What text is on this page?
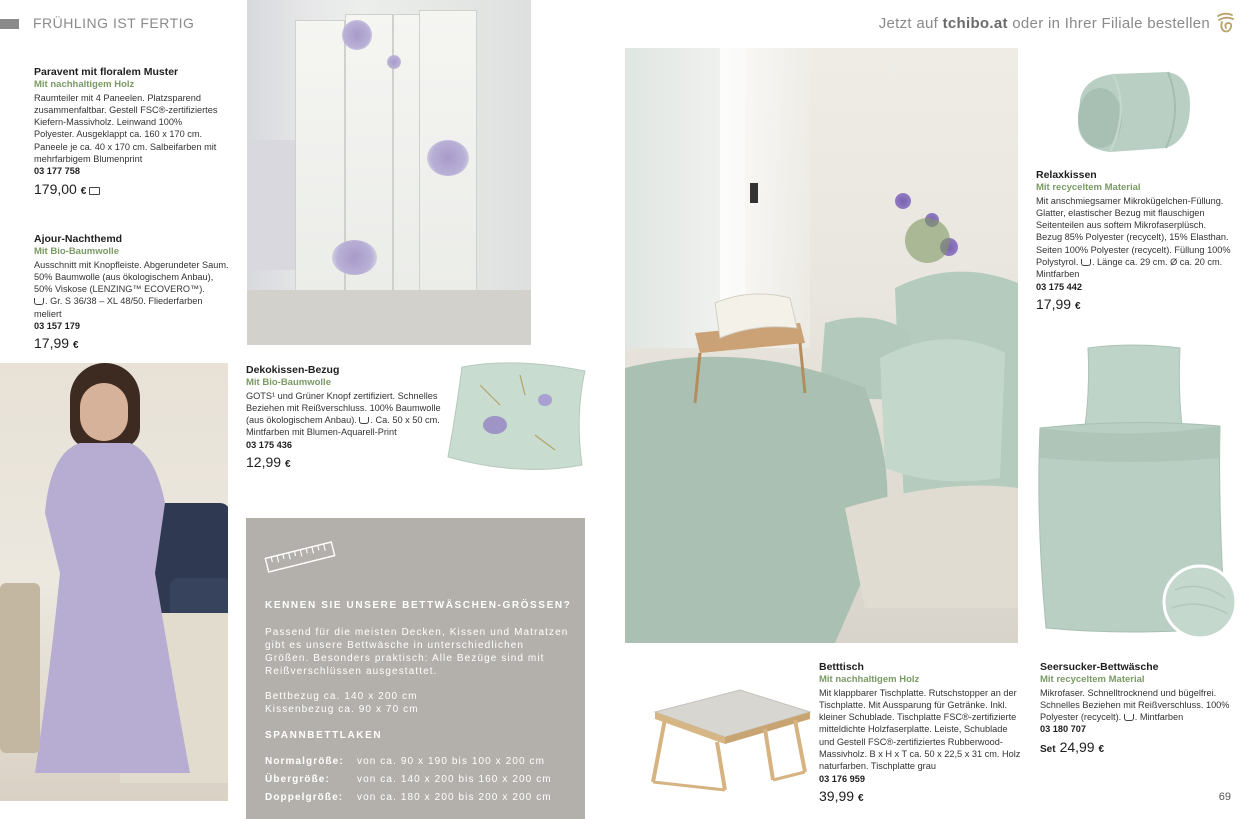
FRÜHLING IST FERTIG	Jetzt auf tchibo.at oder in Ihrer Filiale bestellen
Paravent mit floralem Muster
Mit nachhaltigem Holz
Raumteiler mit 4 Paneelen. Platzsparend zusammenfaltbar. Gestell FSC®-zertifiziertes Kiefern-Massivholz. Leinwand 100% Polyester. Ausgeklappt ca. 160 x 170 cm. Paneele je ca. 40 x 170 cm. Salbeifarben mit mehrfarbigem Blumenprint
03 177 758
179,00 €
Ajour-Nachthemd
Mit Bio-Baumwolle
Ausschnitt mit Knopfleiste. Abgerundeter Saum. 50% Baumwolle (aus ökologischem Anbau), 50% Viskose (LENZING™ ECOVERO™).
. Gr. S 36/38 – XL 48/50. Fliederfarben meliert
03 157 179
17,99 €
Dekokissen-Bezug
Mit Bio-Baumwolle
GOTS¹ und Grüner Knopf zertifiziert. Schnelles Beziehen mit Reißverschluss. 100% Baumwolle (aus ökologischem Anbau). . Ca. 50 x 50 cm. Mintfarben mit Blumen-Aquarell-Print
03 175 436
12,99 €
KENNEN SIE UNSERE BETTWÄSCHEN-GRÖSSEN?
Passend für die meisten Decken, Kissen und Matratzen gibt es unsere Bettwäsche in unterschiedlichen Größen. Besonders praktisch: Alle Bezüge sind mit Reißverschlüssen ausgestattet.
Bettbezug ca. 140 x 200 cm
Kissenbezug ca. 90 x 70 cm
SPANNBETTLAKEN
Normalgröße: von ca. 90 x 190 bis 100 x 200 cm
Übergröße:	von ca. 140 x 200 bis 160 x 200 cm
Doppelgröße: von ca. 180 x 200 bis 200 x 200 cm
Relaxkissen
Mit recyceltem Material
Mit anschmiegsamer Mikrokügelchen-Füllung. Glatter, elastischer Bezug mit flauschigen Seitenteilen aus softem Mikrofaserplüsch. Bezug 85% Polyester (recycelt), 15% Elasthan. Seiten 100% Polyester (recycelt). Füllung 100% Polystyrol. . Länge ca. 29 cm. Ø ca. 20 cm. Mintfarben
03 175 442
17,99 €
Betttisch
Mit nachhaltigem Holz
Mit klappbarer Tischplatte. Rutschstopper an der Tischplatte. Mit Aussparung für Getränke. Inkl. kleiner Schublade. Tischplatte FSC®-zertifizierte mitteldichte Holzfaserplatte. Leiste, Schublade und Gestell FSC®-zertifiziertes Rubberwood-Massivholz. B x H x T ca. 50 x 22,5 x 31 cm. Holz naturfarben. Tischplatte grau
03 176 959
39,99 €
Seersucker-Bettwäsche
Mit recyceltem Material
Mikrofaser. Schnelltrocknend und bügelfrei. Schnelles Beziehen mit Reißverschluss. 100% Polyester (recycelt). . Mintfarben
03 180 707
Set 24,99 €
69
